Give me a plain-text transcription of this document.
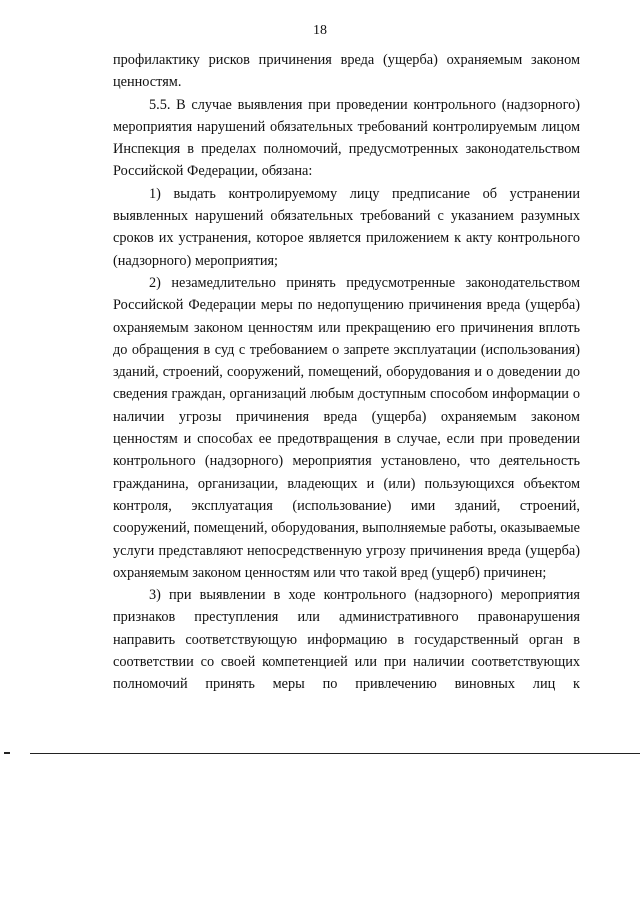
18

профилактику рисков причинения вреда (ущерба) охраняемым законом ценностям.

5.5. В случае выявления при проведении контрольного (надзорного) мероприятия нарушений обязательных требований контролируемым лицом Инспекция в пределах полномочий, предусмотренных законодательством Российской Федерации, обязана:

1) выдать контролируемому лицу предписание об устранении выявленных нарушений обязательных требований с указанием разумных сроков их устранения, которое является приложением к акту контрольного (надзорного) мероприятия;

2) незамедлительно принять предусмотренные законодательством Российской Федерации меры по недопущению причинения вреда (ущерба) охраняемым законом ценностям или прекращению его причинения вплоть до обращения в суд с требованием о запрете эксплуатации (использования) зданий, строений, сооружений, помещений, оборудования и о доведении до сведения граждан, организаций любым доступным способом информации о наличии угрозы причинения вреда (ущерба) охраняемым законом ценностям и способах ее предотвращения в случае, если при проведении контрольного (надзорного) мероприятия установлено, что деятельность гражданина, организации, владеющих и (или) пользующихся объектом контроля, эксплуатация (использование) ими зданий, строений, сооружений, помещений, оборудования, выполняемые работы, оказываемые услуги представляют непосредственную угрозу причинения вреда (ущерба) охраняемым законом ценностям или что такой вред (ущерб) причинен;

3) при выявлении в ходе контрольного (надзорного) мероприятия признаков преступления или административного правонарушения направить соответствующую информацию в государственный орган в соответствии со своей компетенцией или при наличии соответствующих полномочий принять меры по привлечению виновных лиц к
